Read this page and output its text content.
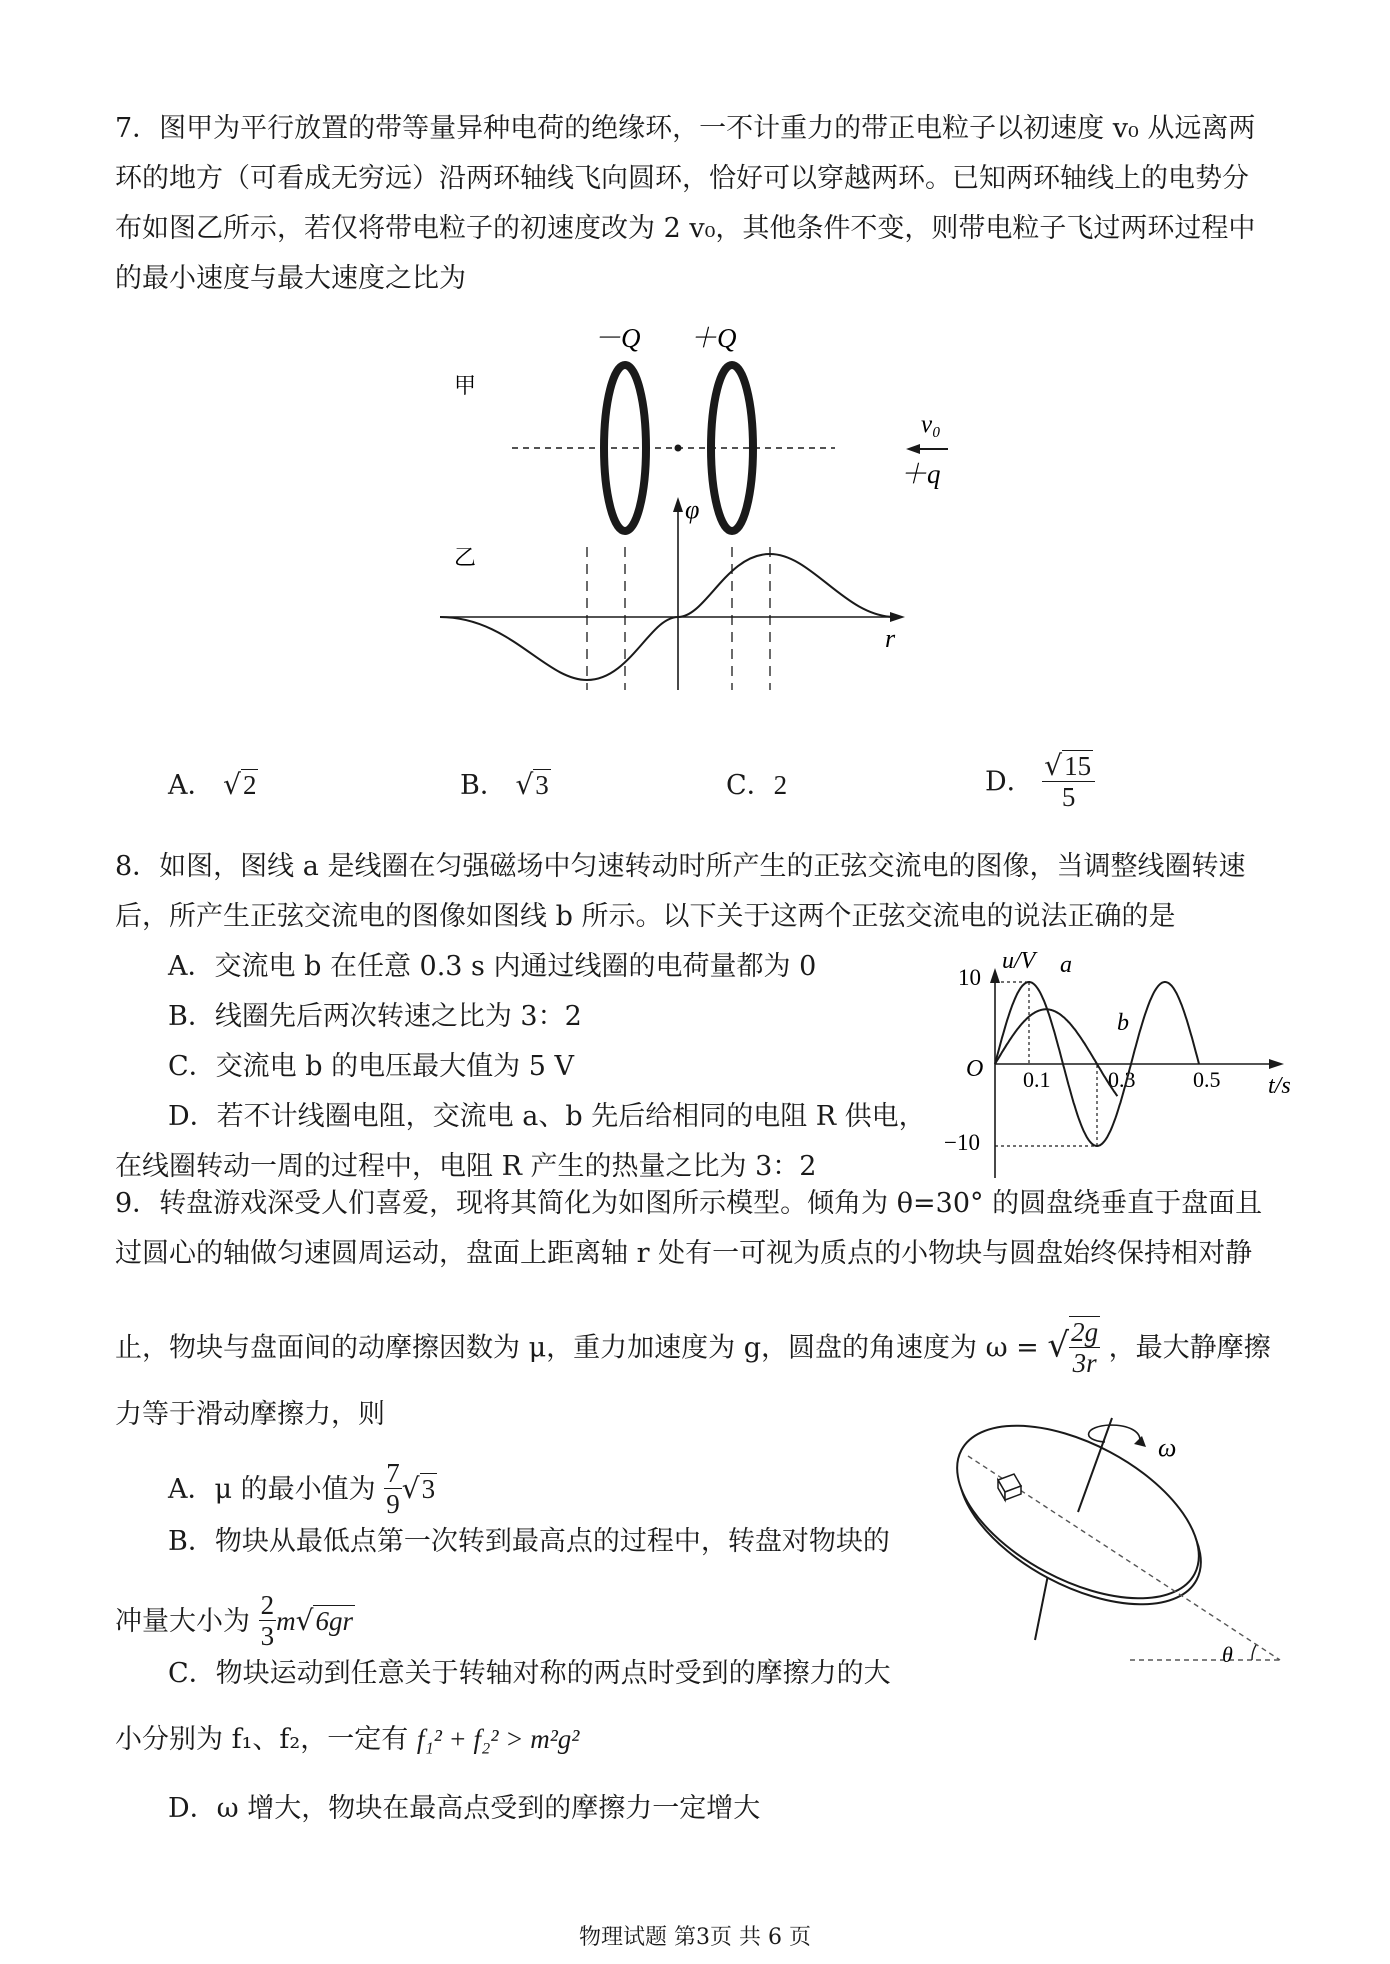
7．图甲为平行放置的带等量异种电荷的绝缘环，一不计重力的带正电粒子以初速度 v₀ 从远离两
环的地方（可看成无穷远）沿两环轴线飞向圆环，恰好可以穿越两环。已知两环轴线上的电势分
布如图乙所示，若仅将带电粒子的初速度改为 2 v₀，其他条件不变，则带电粒子飞过两环过程中
的最小速度与最大速度之比为
甲
乙
－Q ＋Q
v₀
＋q
φ
r
A． √2	B． √3	C．2	D． $\frac{√15}{5}$
8．如图，图线 a 是线圈在匀强磁场中匀速转动时所产生的正弦交流电的图像，当调整线圈转速
后，所产生正弦交流电的图像如图线 b 所示。以下关于这两个正弦交流电的说法正确的是
A．交流电 b 在任意 0.3 s 内通过线圈的电荷量都为 0
B．线圈先后两次转速之比为 3：2
C．交流电 b 的电压最大值为 5 V
D．若不计线圈电阻，交流电 a、b 先后给相同的电阻 R 供电，
在线圈转动一周的过程中，电阻 R 产生的热量之比为 3：2
u/V
t/s
O
10
−10
0.1	0.3	0.5
a
b
9．转盘游戏深受人们喜爱，现将其简化为如图所示模型。倾角为 θ=30° 的圆盘绕垂直于盘面且
过圆心的轴做匀速圆周运动，盘面上距离轴 r 处有一可视为质点的小物块与圆盘始终保持相对静
止，物块与盘面间的动摩擦因数为 μ，重力加速度为 g，圆盘的角速度为 ω = √ $\frac{2g}{3r}$ ，最大静摩擦
力等于滑动摩擦力，则
A．μ 的最小值为 $\frac{7}{9} √3$
B．物块从最低点第一次转到最高点的过程中，转盘对物块的
冲量大小为 $\frac{2}{3} m√6gr$
C．物块运动到任意关于转轴对称的两点时受到的摩擦力的大
小分别为 f₁、f₂，一定有 f₁² + f₂² > m²g²
D．ω 增大，物块在最高点受到的摩擦力一定增大
ω
θ
物理试题 第3页 共 6 页
